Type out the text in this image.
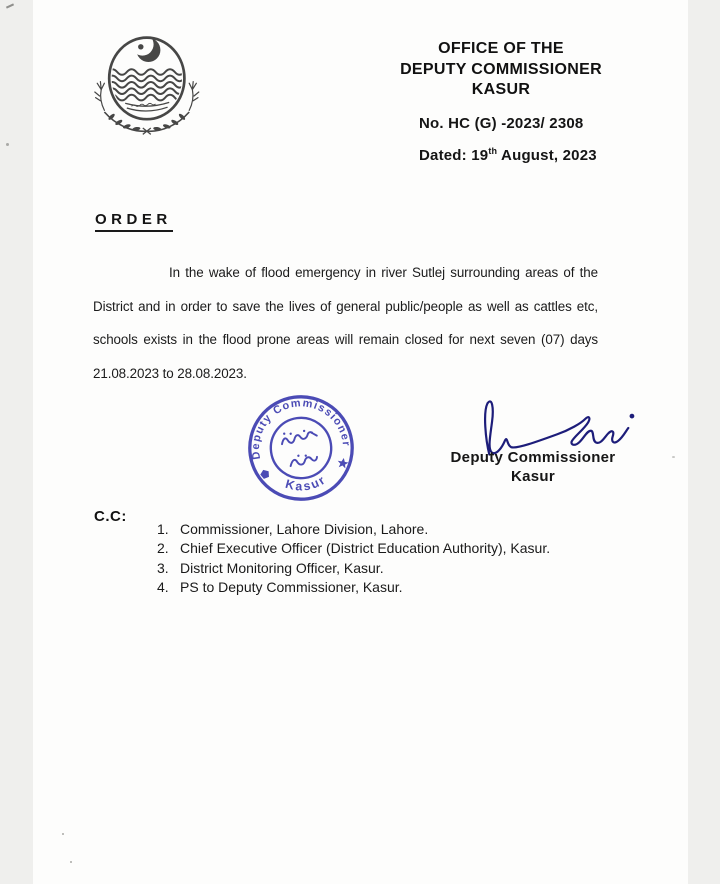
OFFICE OF THE
DEPUTY COMMISSIONER
KASUR
No. HC (G) -2023/ 2308
Dated: 19th August, 2023
ORDER
In the wake of flood emergency in river Sutlej surrounding areas of the
District and in order to save the lives of general public/people as well as cattles etc,
schools exists in the flood prone areas will remain closed for next seven (07) days
21.08.2023 to 28.08.2023.
Deputy Commissioner
Kasur
Deputy Commissioner
Kasur
C.C:
1. Commissioner, Lahore Division, Lahore.
2. Chief Executive Officer (District Education Authority), Kasur.
3. District Monitoring Officer, Kasur.
4. PS to Deputy Commissioner, Kasur.
